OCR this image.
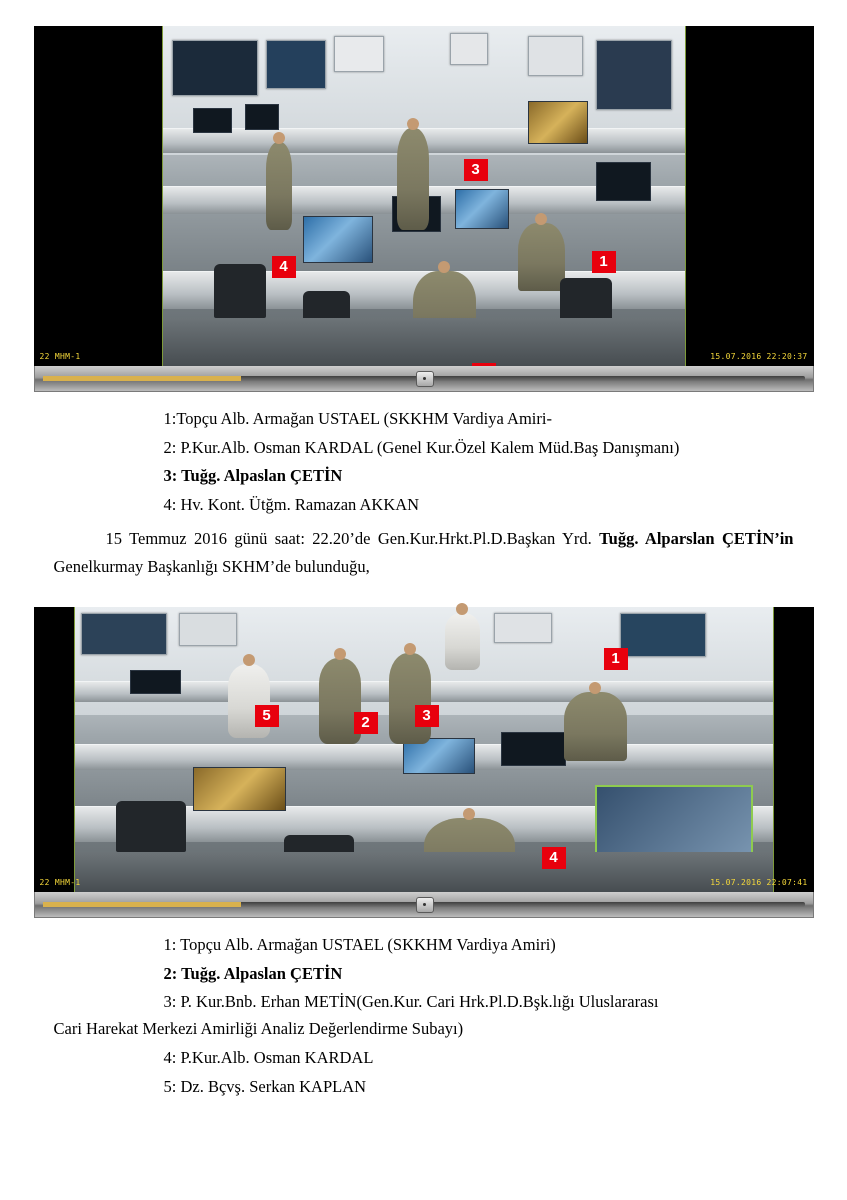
22 MHM-1	15.07.2016 22:20:37
1
3
4

1:Topçu Alb. Armağan USTAEL (SKKHM Vardiya Amiri-

2: P.Kur.Alb. Osman KARDAL (Genel Kur.Özel Kalem Müd.Baş Danışmanı)

3: Tuğg. Alpaslan ÇETİN

4: Hv. Kont. Ütğm. Ramazan AKKAN

15 Temmuz 2016 günü saat: 22.20’de Gen.Kur.Hrkt.Pl.D.Başkan Yrd. Tuğg. Alparslan ÇETİN’in Genelkurmay Başkanlığı SKHM’de bulunduğu,

22 MHM-1	15.07.2016 22:07:41
1
2	3
4
5

1: Topçu Alb. Armağan USTAEL (SKKHM Vardiya Amiri)

2: Tuğg. Alpaslan ÇETİN

3: P. Kur.Bnb. Erhan METİN(Gen.Kur. Cari Hrk.Pl.D.Bşk.lığı Uluslararası
Cari Harekat Merkezi Amirliği Analiz Değerlendirme Subayı)

4: P.Kur.Alb. Osman KARDAL

5: Dz. Bçvş. Serkan KAPLAN
